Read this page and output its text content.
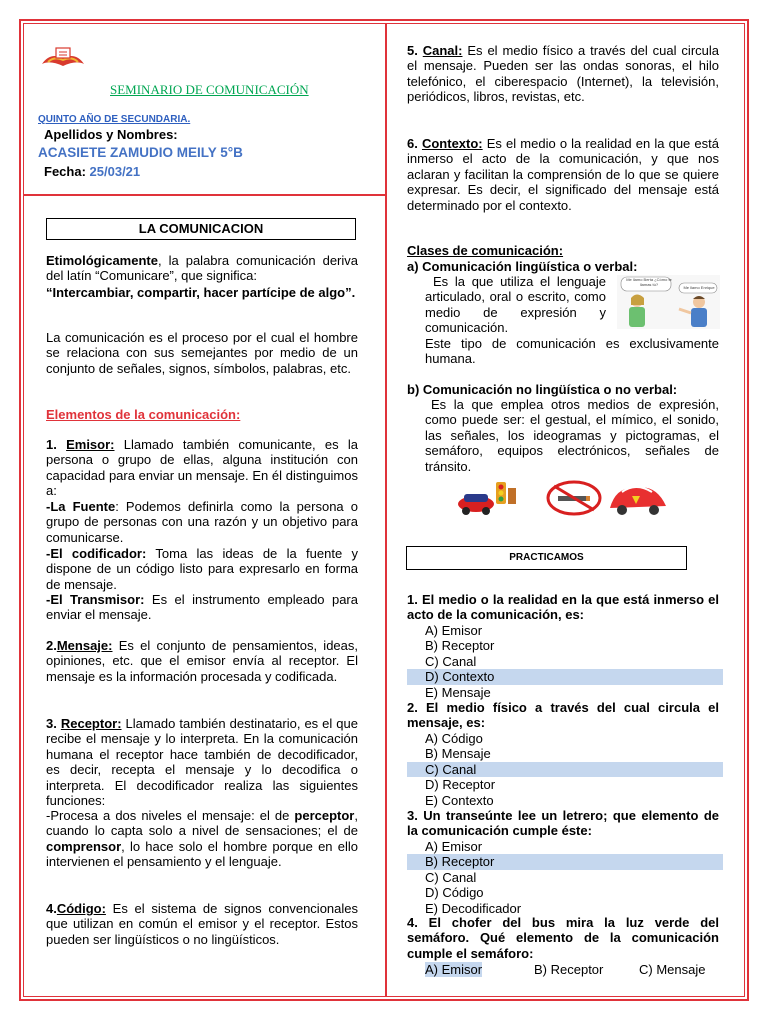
SEMINARIO DE COMUNICACIÓN
QUINTO AÑO DE SECUNDARIA.
Apellidos y Nombres:
ACASIETE ZAMUDIO MEILY 5°B
Fecha: 25/03/21
LA COMUNICACION
Etimológicamente, la palabra comunicación deriva del latín “Comunicare”, que significa:
“Intercambiar, compartir, hacer partícipe de algo”.
La comunicación es el proceso por el cual el hombre se relaciona con sus semejantes por medio de un conjunto de señales, signos, símbolos, palabras, etc.
Elementos de la comunicación:
1. Emisor: Llamado también comunicante, es la persona o grupo de ellas, alguna institución con capacidad para enviar un mensaje. En él distinguimos a:
-La Fuente: Podemos definirla como la persona o grupo de personas con una razón y un objetivo para comunicarse.
-El codificador: Toma las ideas de la fuente y dispone de un código listo para expresarlo en forma de mensaje.
-El Transmisor: Es el instrumento empleado para enviar el mensaje.
2.Mensaje: Es el conjunto de pensamientos, ideas, opiniones, etc. que el emisor envía al receptor. El mensaje es la información procesada y codificada.
3. Receptor: Llamado también destinatario, es el que recibe el mensaje y lo interpreta. En la comunicación humana el receptor hace también de decodificador, es decir, recepta el mensaje y lo decodifica o interpreta. El decodificador realiza las siguientes funciones:
-Procesa a dos niveles el mensaje: el de perceptor, cuando lo capta solo a nivel de sensaciones; el de comprensor, lo hace solo el hombre porque en ello intervienen el pensamiento y el lenguaje.
4.Código: Es el sistema de signos convencionales que utilizan en común el emisor y el receptor. Estos pueden ser lingüísticos o no lingüísticos.
5. Canal: Es el medio físico a través del cual circula el mensaje. Pueden ser las ondas sonoras, el hilo telefónico, el ciberespacio (Internet), la televisión, periódicos, libros, revistas, etc.
6. Contexto: Es el medio o la realidad en la que está inmerso el acto de la comunicación, y que nos aclaran y facilitan la comprensión de lo que se quiere expresar. Es decir, el significado del mensaje está determinado por el contexto.
Clases de comunicación:
a) Comunicación lingüística o verbal:
Es la que utiliza el lenguaje articulado, oral o escrito, como medio de expresión y comunicación.
Este tipo de comunicación es exclusivamente humana.
Me llamo Berta ¿Cómo te llamas tú?
Me llamo Enrique
b) Comunicación no lingüística o no verbal:
Es la que emplea otros medios de expresión, como puede ser: el gestual, el mímico, el sonido, las señales, los ideogramas y pictogramas, el semáforo, equipos electrónicos, señales de tránsito.
PRACTICAMOS
1. El medio o la realidad en la que está inmerso el acto de la comunicación, es:
A) Emisor
B) Receptor
C) Canal
D) Contexto
E) Mensaje
2. El medio físico a través del cual circula el mensaje, es:
A) Código
B) Mensaje
C) Canal
D) Receptor
E) Contexto
3. Un transeúnte lee un letrero; que elemento de la comunicación cumple éste:
A) Emisor
B) Receptor
C) Canal
D) Código
E) Decodificador
4. El chofer del bus mira la luz verde del semáforo. Qué elemento de la comunicación cumple el semáforo:
A) Emisor	B) Receptor	C) Mensaje
